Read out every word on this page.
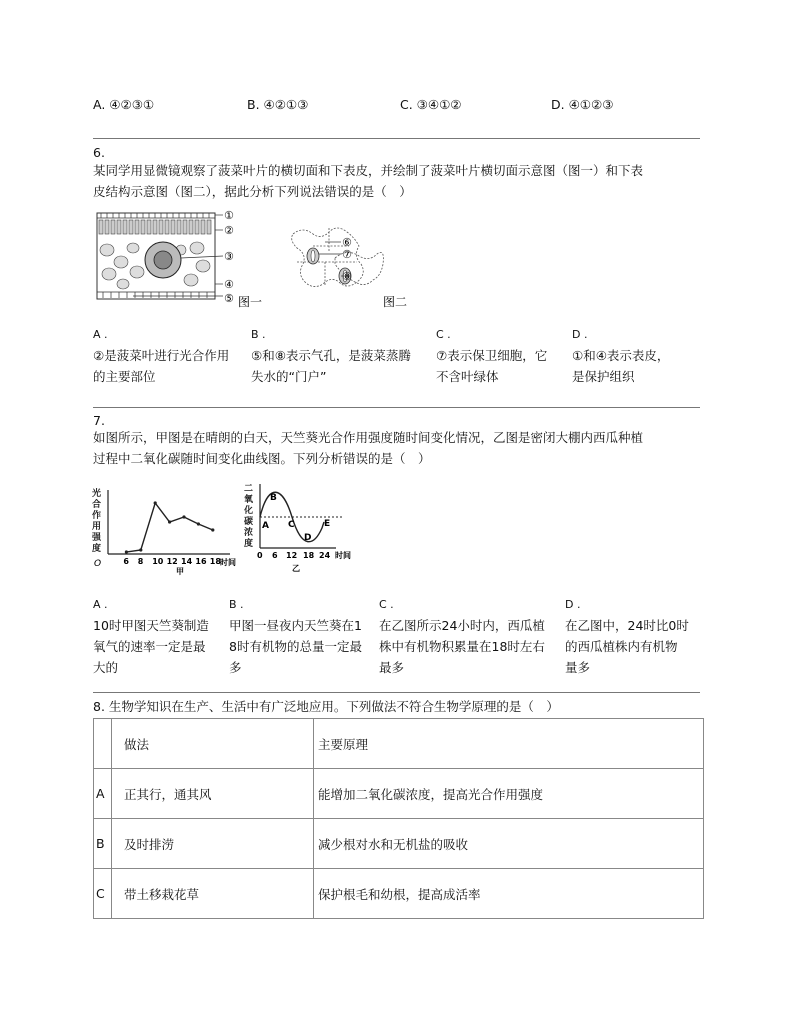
A. ④②③①	B. ④②①③	C. ③④①②	D. ④①②③
6.
某同学用显微镜观察了菠菜叶片的横切面和下表皮，并绘制了菠菜叶片横切面示意图（图一）和下表
皮结构示意图（图二），据此分析下列说法错误的是（　）
①
②
③
④
⑤ 图一
⑥
⑦
⑧
图二
A .
②是菠菜叶进行光合作用
的主要部位
B .
⑤和⑧表示气孔，是菠菜蒸腾
失水的“门户”
C .
⑦表示保卫细胞，它
不含叶绿体
D .
①和④表示表皮，
是保护组织
7.
如图所示，甲图是在晴朗的白天，天竺葵光合作用强度随时间变化情况，乙图是密闭大棚内西瓜种植
过程中二氧化碳随时间变化曲线图。下列分析错误的是（　）
光
合
作
用
强
度
O	6 8 10 12 14 16 18 时间
甲
二
氧
化
碳
浓
度
A
B
C
D
E
0 6 12 18 24 时间
乙
A .
10时甲图天竺葵制造
氧气的速率一定是最
大的
B .
甲图一昼夜内天竺葵在1
8时有机物的总量一定最
多
C .
在乙图所示24小时内，西瓜植
株中有机物积累量在18时左右
最多
D .
在乙图中，24时比0时
的西瓜植株内有机物
量多
8. 生物学知识在生产、生活中有广泛地应用。下列做法不符合生物学原理的是（　）
	做法	主要原理
A	正其行，通其风	能增加二氧化碳浓度，提高光合作用强度
B	及时排涝	减少根对水和无机盐的吸收
C	带土移栽花草	保护根毛和幼根，提高成活率
